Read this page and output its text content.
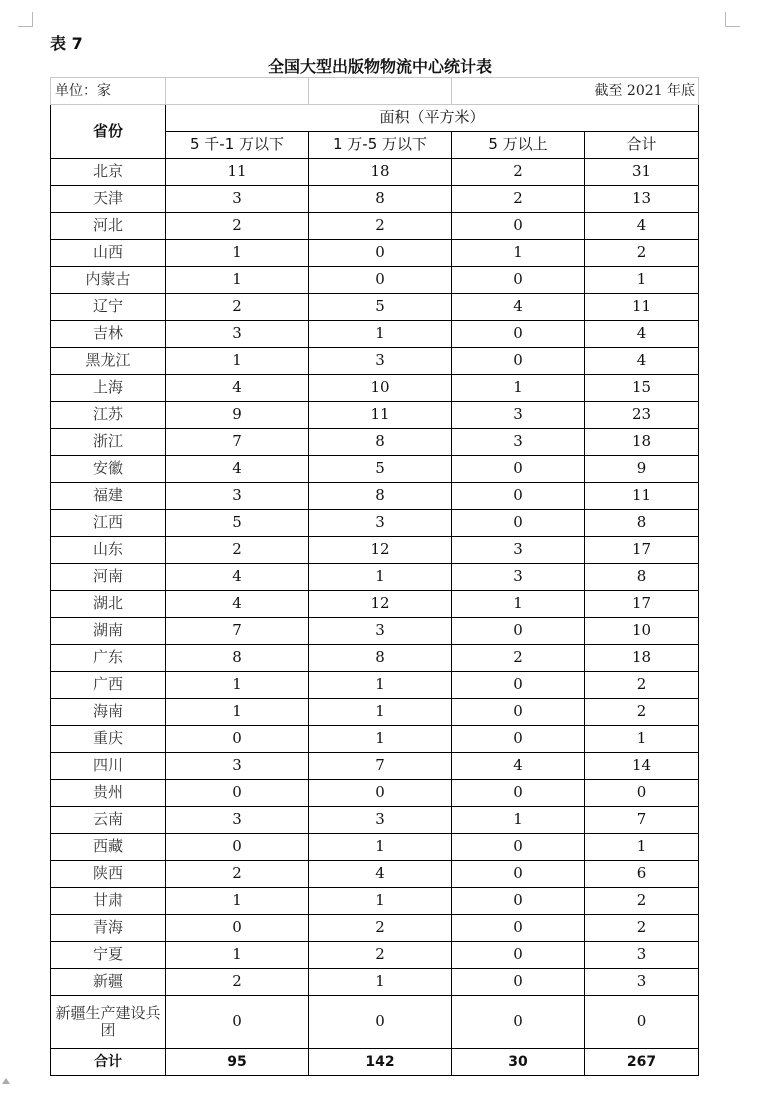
表 7
全国大型出版物物流中心统计表
单位：家			截至 2021 年底	
省份	面积（平方米）			
	5 千-1 万以下	1 万-5 万以下	5 万以上	合计
北京	11	18	2	31
天津	3	8	2	13
河北	2	2	0	4
山西	1	0	1	2
内蒙古	1	0	0	1
辽宁	2	5	4	11
吉林	3	1	0	4
黑龙江	1	3	0	4
上海	4	10	1	15
江苏	9	11	3	23
浙江	7	8	3	18
安徽	4	5	0	9
福建	3	8	0	11
江西	5	3	0	8
山东	2	12	3	17
河南	4	1	3	8
湖北	4	12	1	17
湖南	7	3	0	10
广东	8	8	2	18
广西	1	1	0	2
海南	1	1	0	2
重庆	0	1	0	1
四川	3	7	4	14
贵州	0	0	0	0
云南	3	3	1	7
西藏	0	1	0	1
陕西	2	4	0	6
甘肃	1	1	0	2
青海	0	2	0	2
宁夏	1	2	0	3
新疆	2	1	0	3
新疆生产建设兵团	0	0	0	0
合计	95	142	30	267
